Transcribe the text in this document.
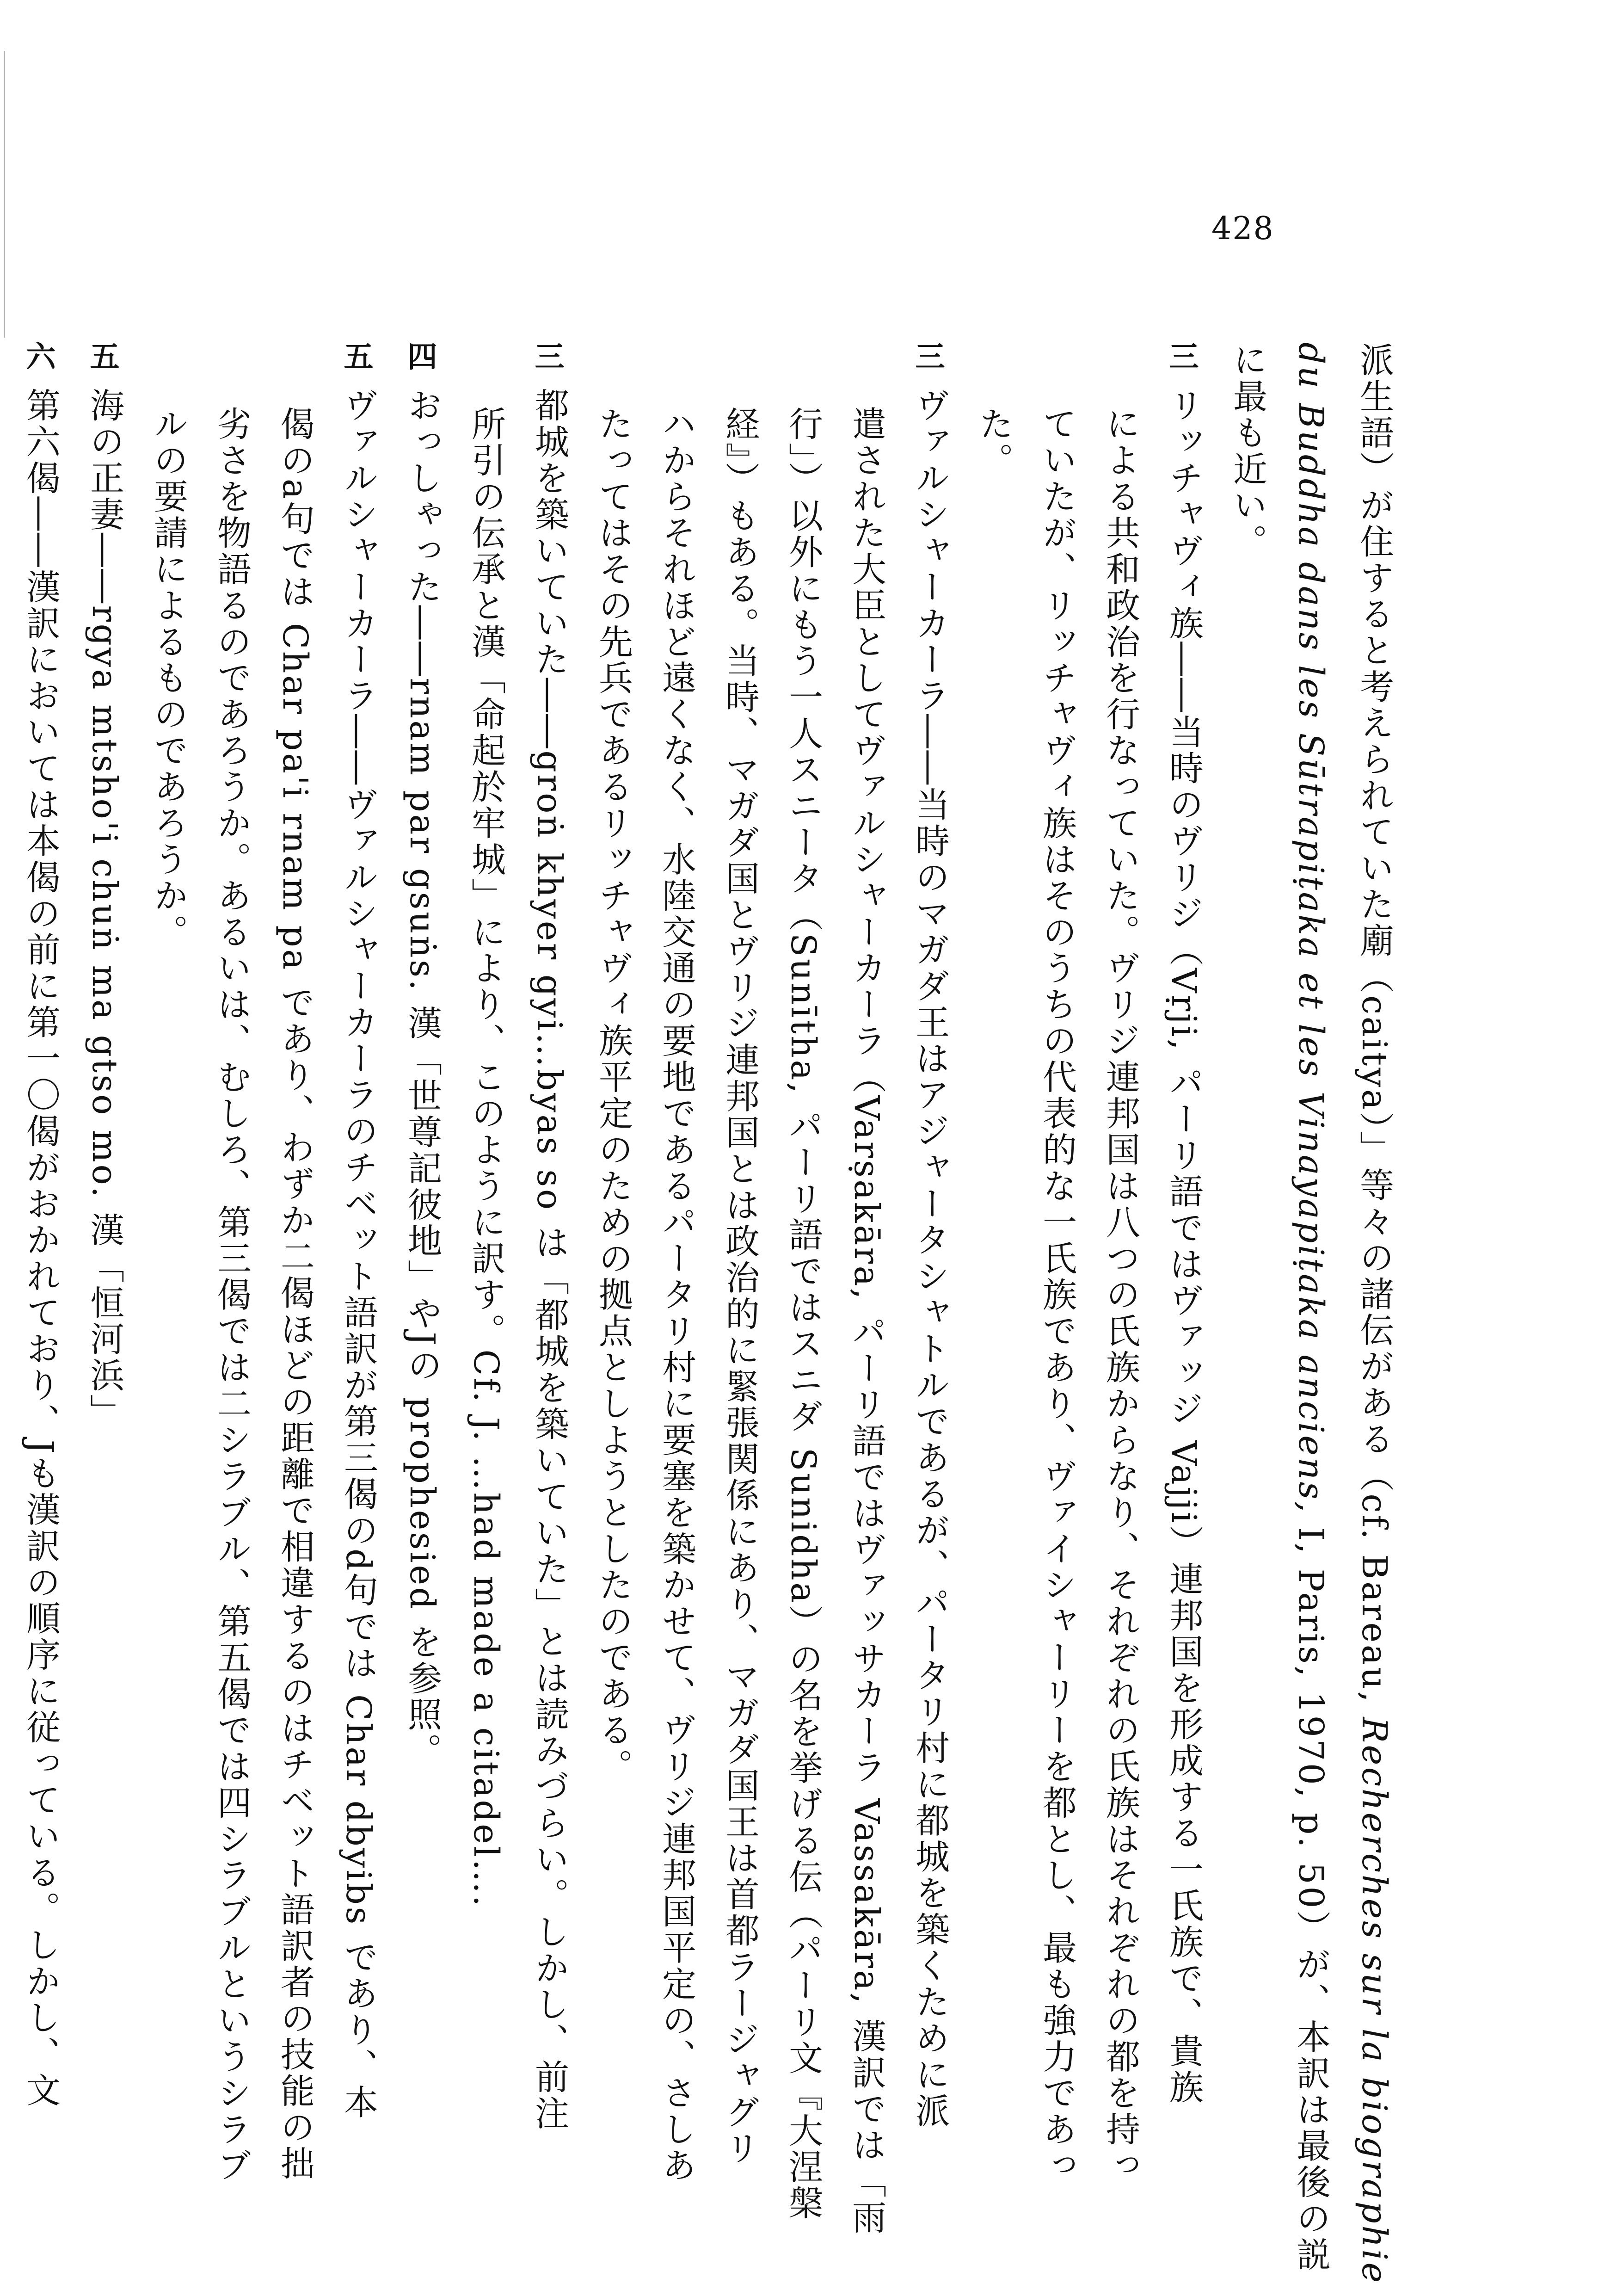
428
派生語）が住すると考えられていた廟（caitya）」等々の諸伝がある（cf. Bareau, Recherches sur la biographie
du Buddha dans les Sūtrapiṭaka et les Vinayapiṭaka anciens, I, Paris, 1970, p. 50）が、本訳は最後の説
に最も近い。
三リッチャヴィ族――当時のヴリジ（Vṛji, パーリ語ではヴァッジ Vajji）連邦国を形成する一氏族で、貴族
による共和政治を行なっていた。ヴリジ連邦国は八つの氏族からなり、それぞれの氏族はそれぞれの都を持っ
ていたが、リッチャヴィ族はそのうちの代表的な一氏族であり、ヴァイシャーリーを都とし、最も強力であっ
た。
三ヴァルシャーカーラ――当時のマガダ王はアジャータシャトルであるが、パータリ村に都城を築くために派
遣された大臣としてヴァルシャーカーラ（Varṣakāra, パーリ語ではヴァッサカーラ Vassakāra, 漢訳では「雨
行」）以外にもう一人スニータ（Sunītha, パーリ語ではスニダ Sunidha）の名を挙げる伝（パーリ文『大涅槃
経』）もある。当時、マガダ国とヴリジ連邦国とは政治的に緊張関係にあり、マガダ国王は首都ラージャグリ
ハからそれほど遠くなく、水陸交通の要地であるパータリ村に要塞を築かせて、ヴリジ連邦国平定の、さしあ
たってはその先兵であるリッチャヴィ族平定のための拠点としようとしたのである。
三都城を築いていた――groṅ khyer gyi…byas so は「都城を築いていた」とは読みづらい。しかし、前注
所引の伝承と漢「命起於牢城」により、このように訳す。Cf. J. …had made a citadel….
四おっしゃった――rnam par gsuṅs. 漢「世尊記彼地」やJの prophesied を参照。
五ヴァルシャーカーラ――ヴァルシャーカーラのチベット語訳が第三偈のd句では Char dbyibs であり、本
偈のa句では Char pa'i rnam pa であり、わずか二偈ほどの距離で相違するのはチベット語訳者の技能の拙
劣さを物語るのであろうか。あるいは、むしろ、第三偈では二シラブル、第五偈では四シラブルというシラブ
ルの要請によるものであろうか。
五海の正妻――rgya mtsho'i chuṅ ma gtso mo. 漢「恒河浜」
六第六偈――漢訳においては本偈の前に第一〇偈がおかれており、Jも漢訳の順序に従っている。しかし、文
